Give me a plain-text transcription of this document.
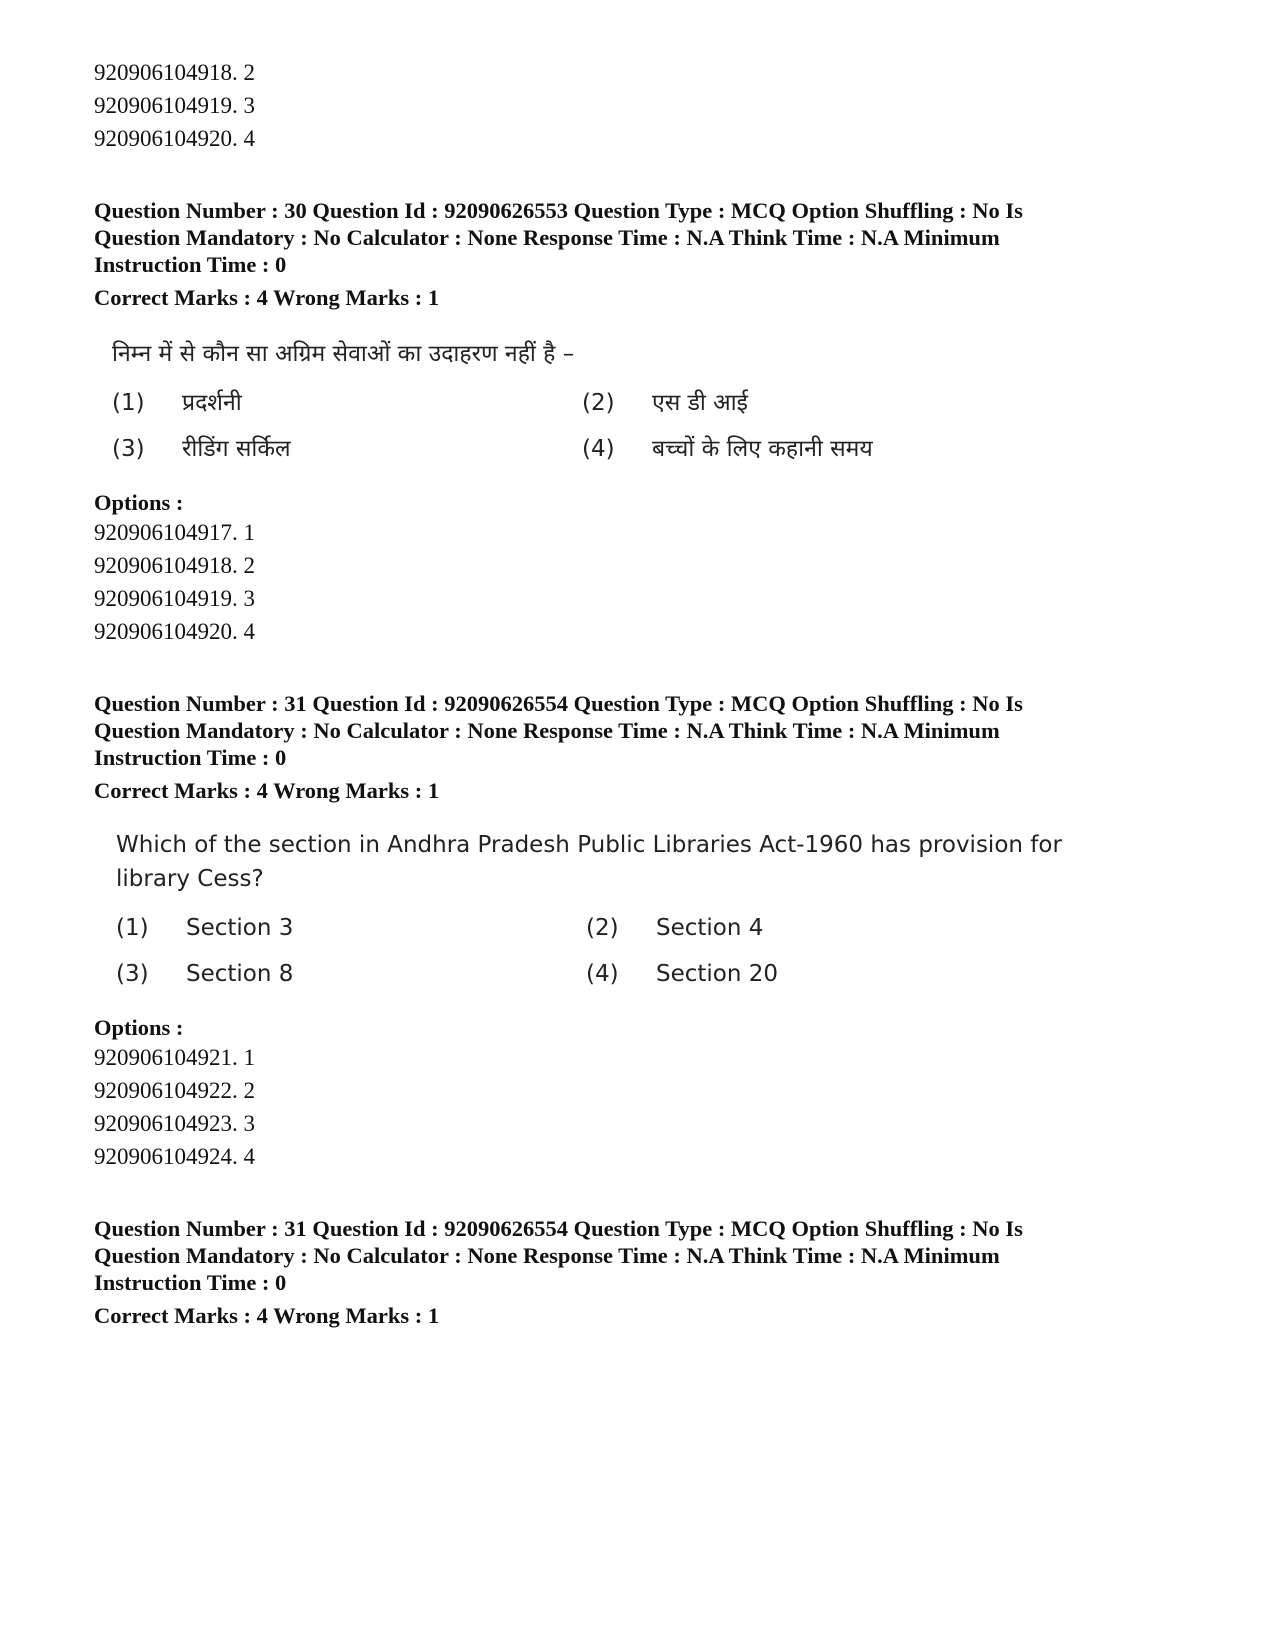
920906104918. 2
920906104919. 3
920906104920. 4
Question Number : 30 Question Id : 92090626553 Question Type : MCQ Option Shuffling : No Is Question Mandatory : No Calculator : None Response Time : N.A Think Time : N.A Minimum Instruction Time : 0
Correct Marks : 4 Wrong Marks : 1
निम्न में से कौन सा अग्रिम सेवाओं का उदाहरण नहीं है –
(1)	प्रदर्शनी	(2)	एस डी आई
(3)	रीडिंग सर्किल	(4)	बच्चों के लिए कहानी समय
Options :
920906104917. 1
920906104918. 2
920906104919. 3
920906104920. 4
Question Number : 31 Question Id : 92090626554 Question Type : MCQ Option Shuffling : No Is Question Mandatory : No Calculator : None Response Time : N.A Think Time : N.A Minimum Instruction Time : 0
Correct Marks : 4 Wrong Marks : 1
Which of the section in Andhra Pradesh Public Libraries Act-1960 has provision for library Cess?
(1)	Section 3	(2)	Section 4
(3)	Section 8	(4)	Section 20
Options :
920906104921. 1
920906104922. 2
920906104923. 3
920906104924. 4
Question Number : 31 Question Id : 92090626554 Question Type : MCQ Option Shuffling : No Is Question Mandatory : No Calculator : None Response Time : N.A Think Time : N.A Minimum Instruction Time : 0
Correct Marks : 4 Wrong Marks : 1
